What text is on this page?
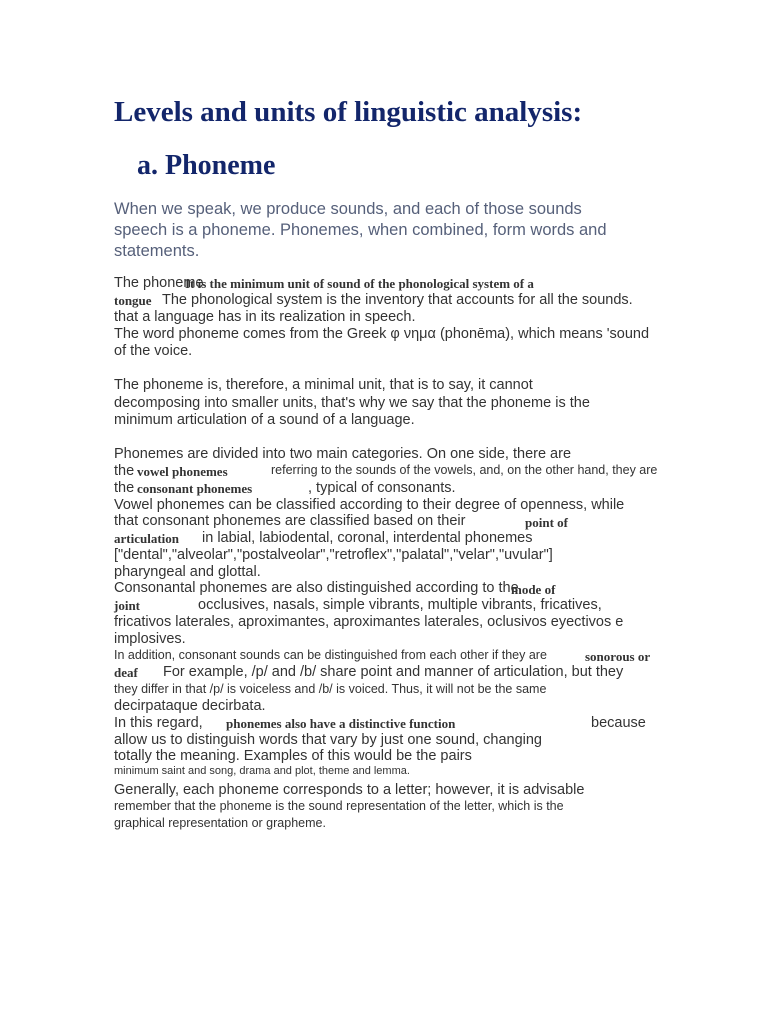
Levels and units of linguistic analysis:
a. Phoneme
When we speak, we produce sounds, and each of those sounds
speech is a phoneme. Phonemes, when combined, form words and
statements.
The phoneme
It is the minimum unit of sound of the phonological system of a
tongue The phonological system is the inventory that accounts for all the sounds.
that a language has in its realization in speech.
The word phoneme comes from the Greek φ νημα (phonēma), which means 'sound
of the voice.
The phoneme is, therefore, a minimal unit, that is to say, it cannot
decomposing into smaller units, that's why we say that the phoneme is the
minimum articulation of a sound of a language.
Phonemes are divided into two main categories. On one side, there are
the vowel phonemes	referring to the sounds of the vowels, and, on the other hand, they are
the consonant phonemes	, typical of consonants.
Vowel phonemes can be classified according to their degree of openness, while
that consonant phonemes are classified based on their	point of
articulation in labial, labiodental, coronal, interdental phonemes
["dental","alveolar","postalveolar","retroflex","palatal","velar","uvular"]
pharyngeal and glottal.
Consonantal phonemes are also distinguished according to the
mode of
joint	occlusives, nasals, simple vibrants, multiple vibrants, fricatives,
fricativos laterales, aproximantes, aproximantes laterales, oclusivos eyectivos e
implosives.
In addition, consonant sounds can be distinguished from each other if they are	sonorous or
deaf For example, /p/ and /b/ share point and manner of articulation, but they
they differ in that /p/ is voiceless and /b/ is voiced. Thus, it will not be the same
decirpataque decirbata.
In this regard, phonemes also have a distinctive function	because
allow us to distinguish words that vary by just one sound, changing
totally the meaning. Examples of this would be the pairs
minimum saint and song, drama and plot, theme and lemma.
Generally, each phoneme corresponds to a letter; however, it is advisable
remember that the phoneme is the sound representation of the letter, which is the
graphical representation or grapheme.
